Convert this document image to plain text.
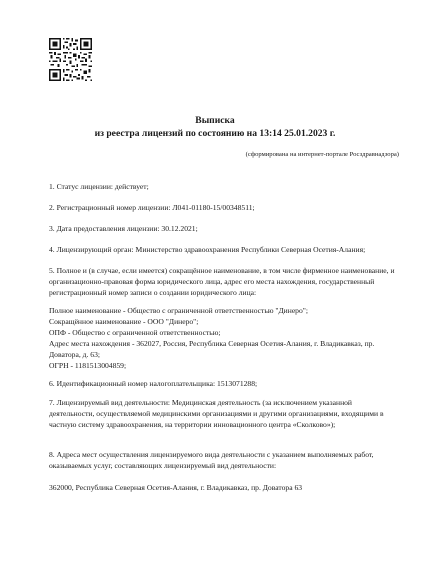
Выписка
из реестра лицензий по состоянию на 13:14 25.01.2023 г.
(сформирована на интернет-портале Росздравнадзора)
1. Статус лицензии: действует;
2. Регистрационный номер лицензии: Л041-01180-15/00348511;
3. Дата предоставления лицензии: 30.12.2021;
4. Лицензирующий орган: Министерство здравоохранения Республики Северная Осетия-Алания;
5. Полное и (в случае, если имеется) сокращённое наименование, в том числе фирменное наименование, и организационно-правовая форма юридического лица, адрес его места нахождения, государственный регистрационный номер записи о создании юридического лица:
Полное наименование - Общество с ограниченной ответственностью "Динеро";
Сокращённое наименование - ООО "Динеро";
ОПФ - Общество с ограниченной ответственностью;
Адрес места нахождения - 362027, Россия, Республика Северная Осетия-Алания, г. Владикавказ, пр. Доватора, д. 63;
ОГРН - 1181513004859;
6. Идентификационный номер налогоплательщика: 1513071288;
7. Лицензируемый вид деятельности: Медицинская деятельность (за исключением указанной деятельности, осуществляемой медицинскими организациями и другими организациями, входящими в частную систему здравоохранения, на территории инновационного центра «Сколково»);
8. Адреса мест осуществления лицензируемого вида деятельности с указанием выполняемых работ, оказываемых услуг, составляющих лицензируемый вид деятельности:
362000, Республика Северная Осетия-Алания, г. Владикавказ, пр. Доватора 63
